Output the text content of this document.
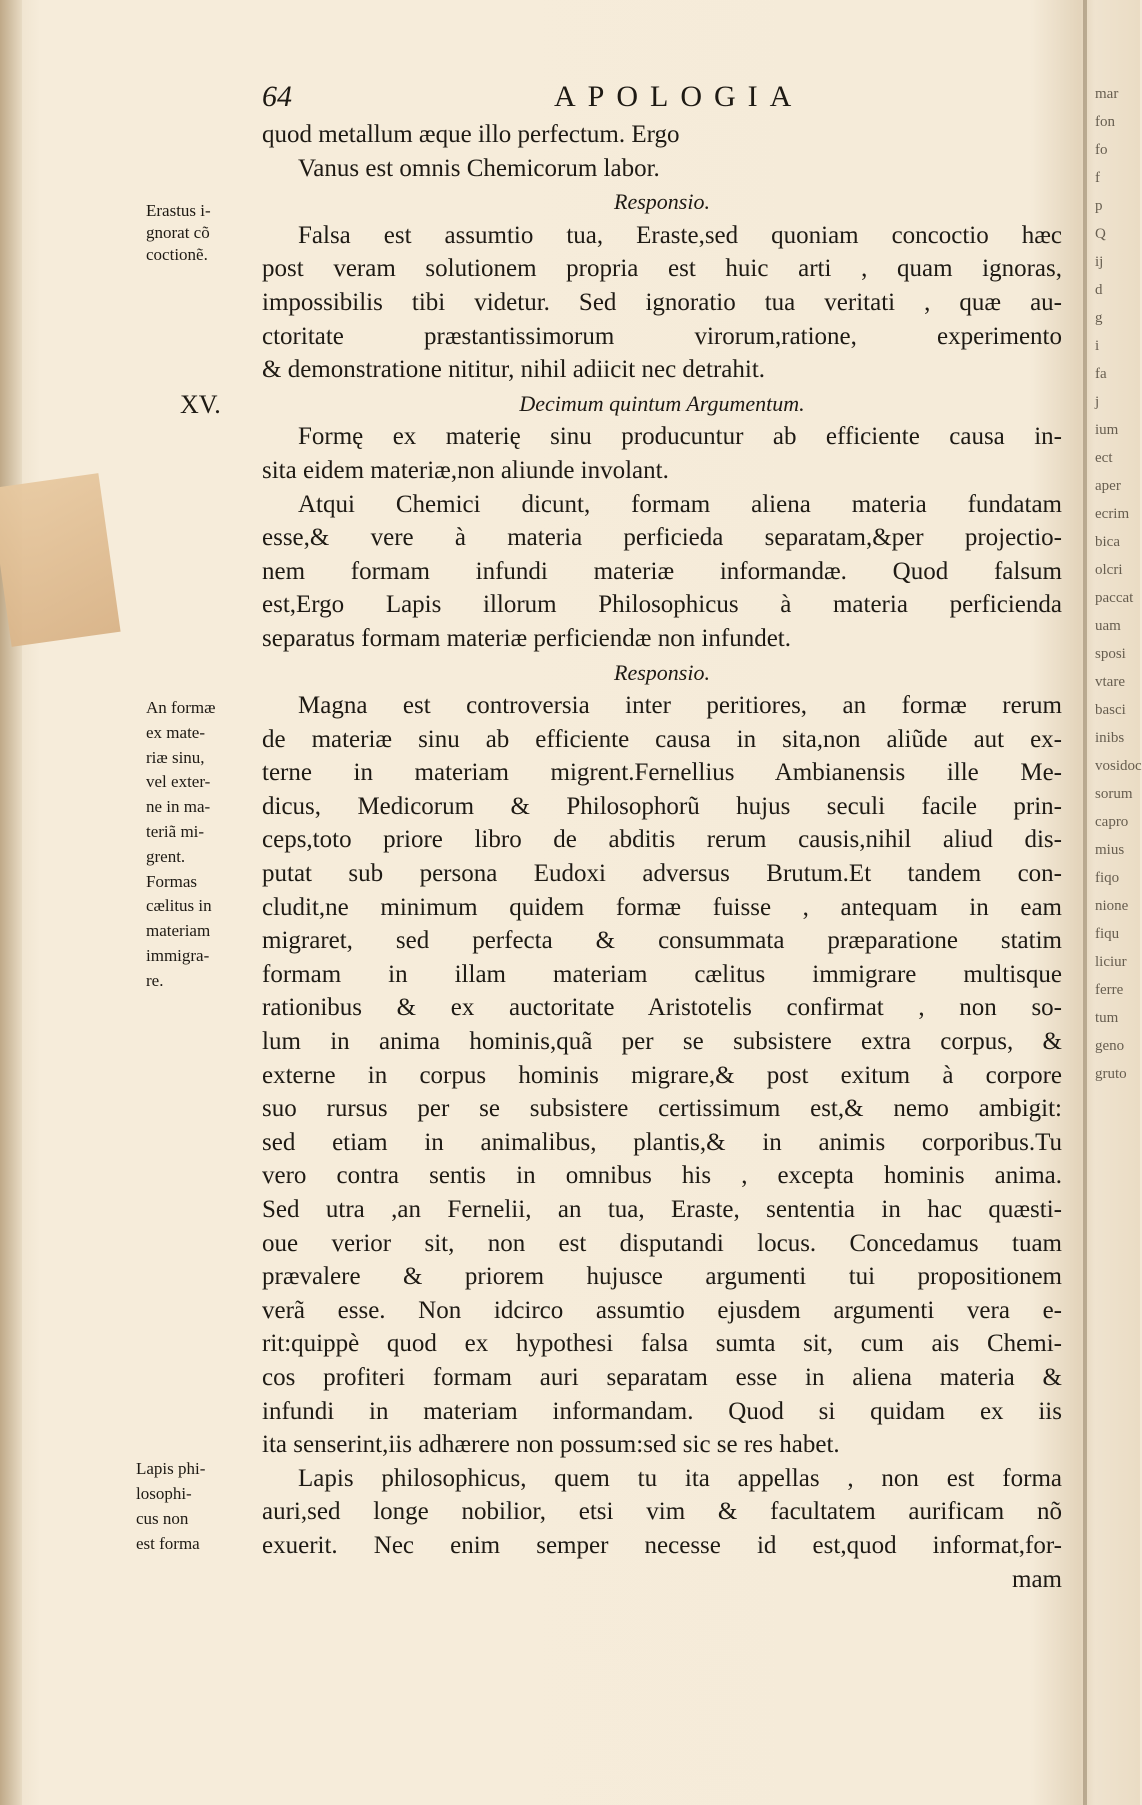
64	APOLOGIA
XV.
Erastus i-
gnorat cõ
coctionẽ.
An formæ
ex mate-
riæ sinu,
vel exter-
ne in ma-
teriã mi-
grent.
Formas
cælitus in
materiam
immigra-
re.
Lapis phi-
losophi-
cus non
est forma
quod metallum æque illo perfectum. Ergo
Vanus est omnis Chemicorum labor.
Responsio.
Falsa est assumtio tua, Eraste,sed quoniam concoctio hæc
post veram solutionem propria est huic arti , quam ignoras,
impossibilis tibi videtur. Sed ignoratio tua veritati , quæ au-
ctoritate præstantissimorum virorum,ratione, experimento
& demonstratione nititur, nihil adiicit nec detrahit.
Decimum quintum Argumentum.
Formę ex materię sinu producuntur ab efficiente causa in-
sita eidem materiæ,non aliunde involant.
Atqui Chemici dicunt, formam aliena materia fundatam
esse,& vere à materia perficieda separatam,&per projectio-
nem formam infundi materiæ informandæ. Quod falsum
est,Ergo Lapis illorum Philosophicus à materia perficienda
separatus formam materiæ perficiendæ non infundet.
Responsio.
Magna est controversia inter peritiores, an formæ rerum
de materiæ sinu ab efficiente causa in sita,non aliũde aut ex-
terne in materiam migrent.Fernellius Ambianensis ille Me-
dicus, Medicorum & Philosophorũ hujus seculi facile prin-
ceps,toto priore libro de abditis rerum causis,nihil aliud dis-
putat sub persona Eudoxi adversus Brutum.Et tandem con-
cludit,ne minimum quidem formæ fuisse , antequam in eam
migraret, sed perfecta & consummata præparatione statim
formam in illam materiam cælitus immigrare multisque
rationibus & ex auctoritate Aristotelis confirmat , non so-
lum in anima hominis,quã per se subsistere extra corpus, &
externe in corpus hominis migrare,& post exitum à corpore
suo rursus per se subsistere certissimum est,& nemo ambigit:
sed etiam in animalibus, plantis,& in animis corporibus.Tu
vero contra sentis in omnibus his , excepta hominis anima.
Sed utra ,an Fernelii, an tua, Eraste, sententia in hac quæsti-
oue verior sit, non est disputandi locus. Concedamus tuam
prævalere & priorem hujusce argumenti tui propositionem
verã esse. Non idcirco assumtio ejusdem argumenti vera e-
rit:quippè quod ex hypothesi falsa sumta sit, cum ais Chemi-
cos profiteri formam auri separatam esse in aliena materia &
infundi in materiam informandam. Quod si quidam ex iis
ita senserint,iis adhærere non possum:sed sic se res habet.
Lapis philosophicus, quem tu ita appellas , non est forma
auri,sed longe nobilior, etsi vim & facultatem aurificam nõ
exuerit. Nec enim semper necesse id est,quod informat,for-
mam
mar
fon
fo
f
p
Q
ij
d
g
i
fa
j
ium
ect
aper
ecrim
bica
olcri
paccat
uam
sposi
vtare
basci
inibs
vosidoc
sorum
capro
mius
fiqo
nione
fiqu
liciur
ferre
tum
geno
gruto
